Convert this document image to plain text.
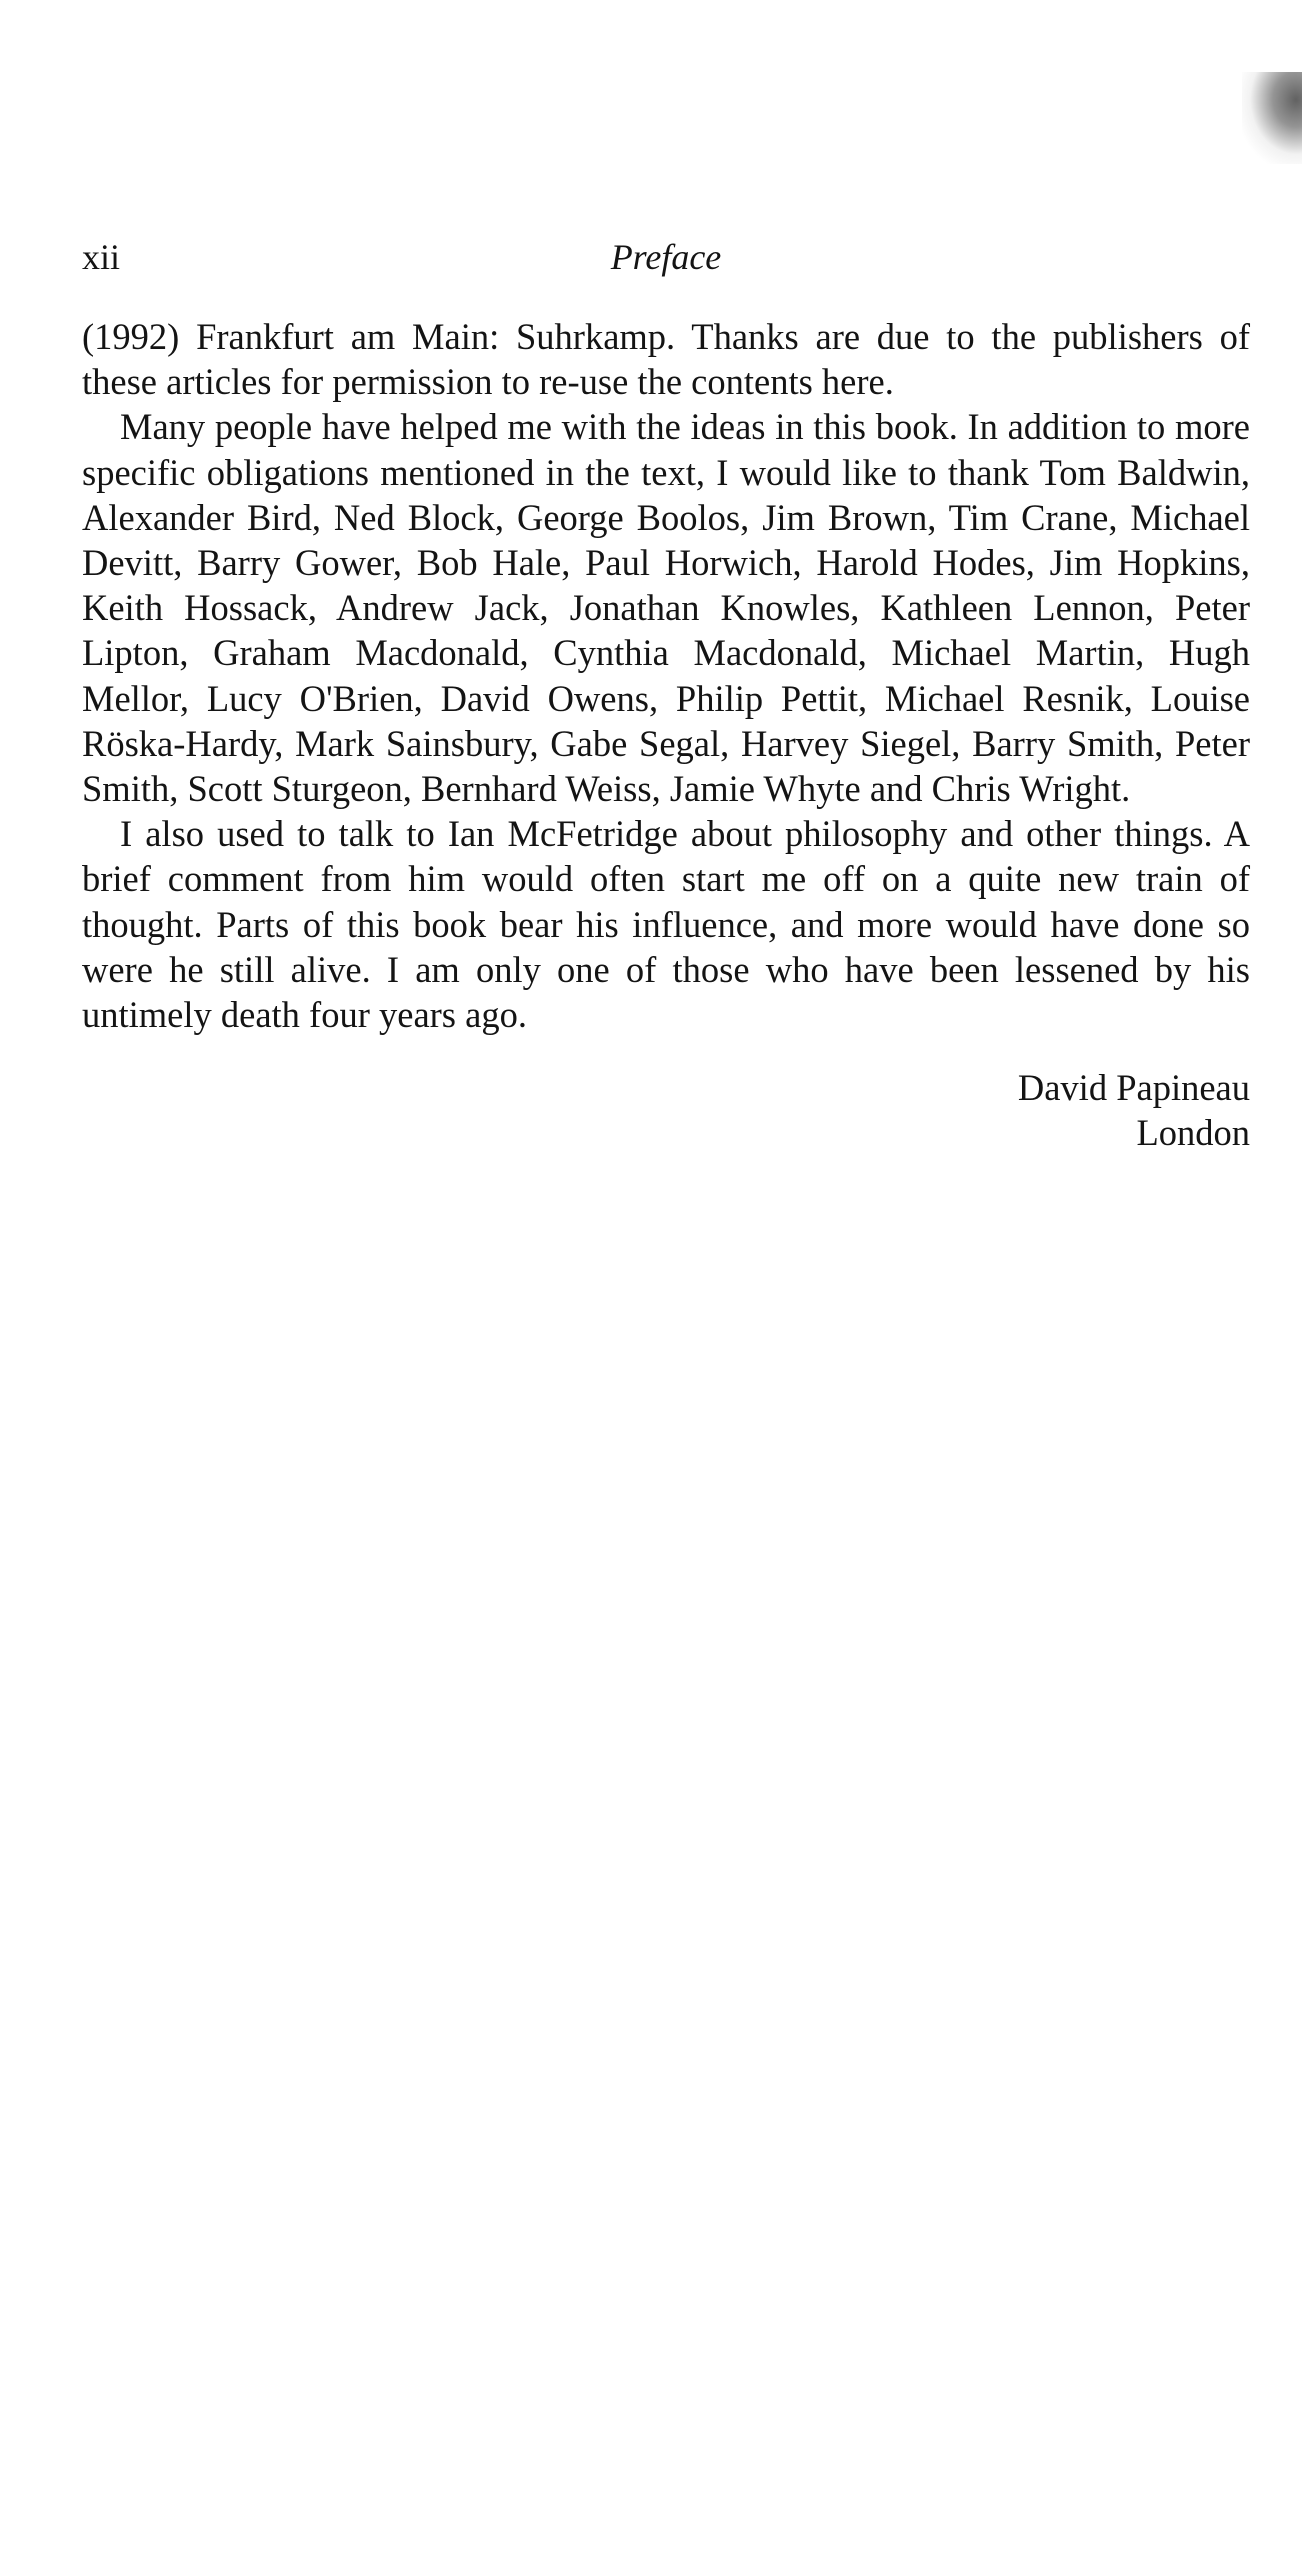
xii	Preface

(1992) Frankfurt am Main: Suhrkamp. Thanks are due to the publishers of these articles for permission to re-use the contents here.

Many people have helped me with the ideas in this book. In addition to more specific obligations mentioned in the text, I would like to thank Tom Baldwin, Alexander Bird, Ned Block, George Boolos, Jim Brown, Tim Crane, Michael Devitt, Barry Gower, Bob Hale, Paul Horwich, Harold Hodes, Jim Hopkins, Keith Hossack, Andrew Jack, Jonathan Knowles, Kathleen Lennon, Peter Lipton, Graham Macdonald, Cynthia Macdonald, Michael Martin, Hugh Mellor, Lucy O'Brien, David Owens, Philip Pettit, Michael Resnik, Louise Röska-Hardy, Mark Sainsbury, Gabe Segal, Harvey Siegel, Barry Smith, Peter Smith, Scott Sturgeon, Bernhard Weiss, Jamie Whyte and Chris Wright.

I also used to talk to Ian McFetridge about philosophy and other things. A brief comment from him would often start me off on a quite new train of thought. Parts of this book bear his influence, and more would have done so were he still alive. I am only one of those who have been lessened by his untimely death four years ago.

David Papineau
London
